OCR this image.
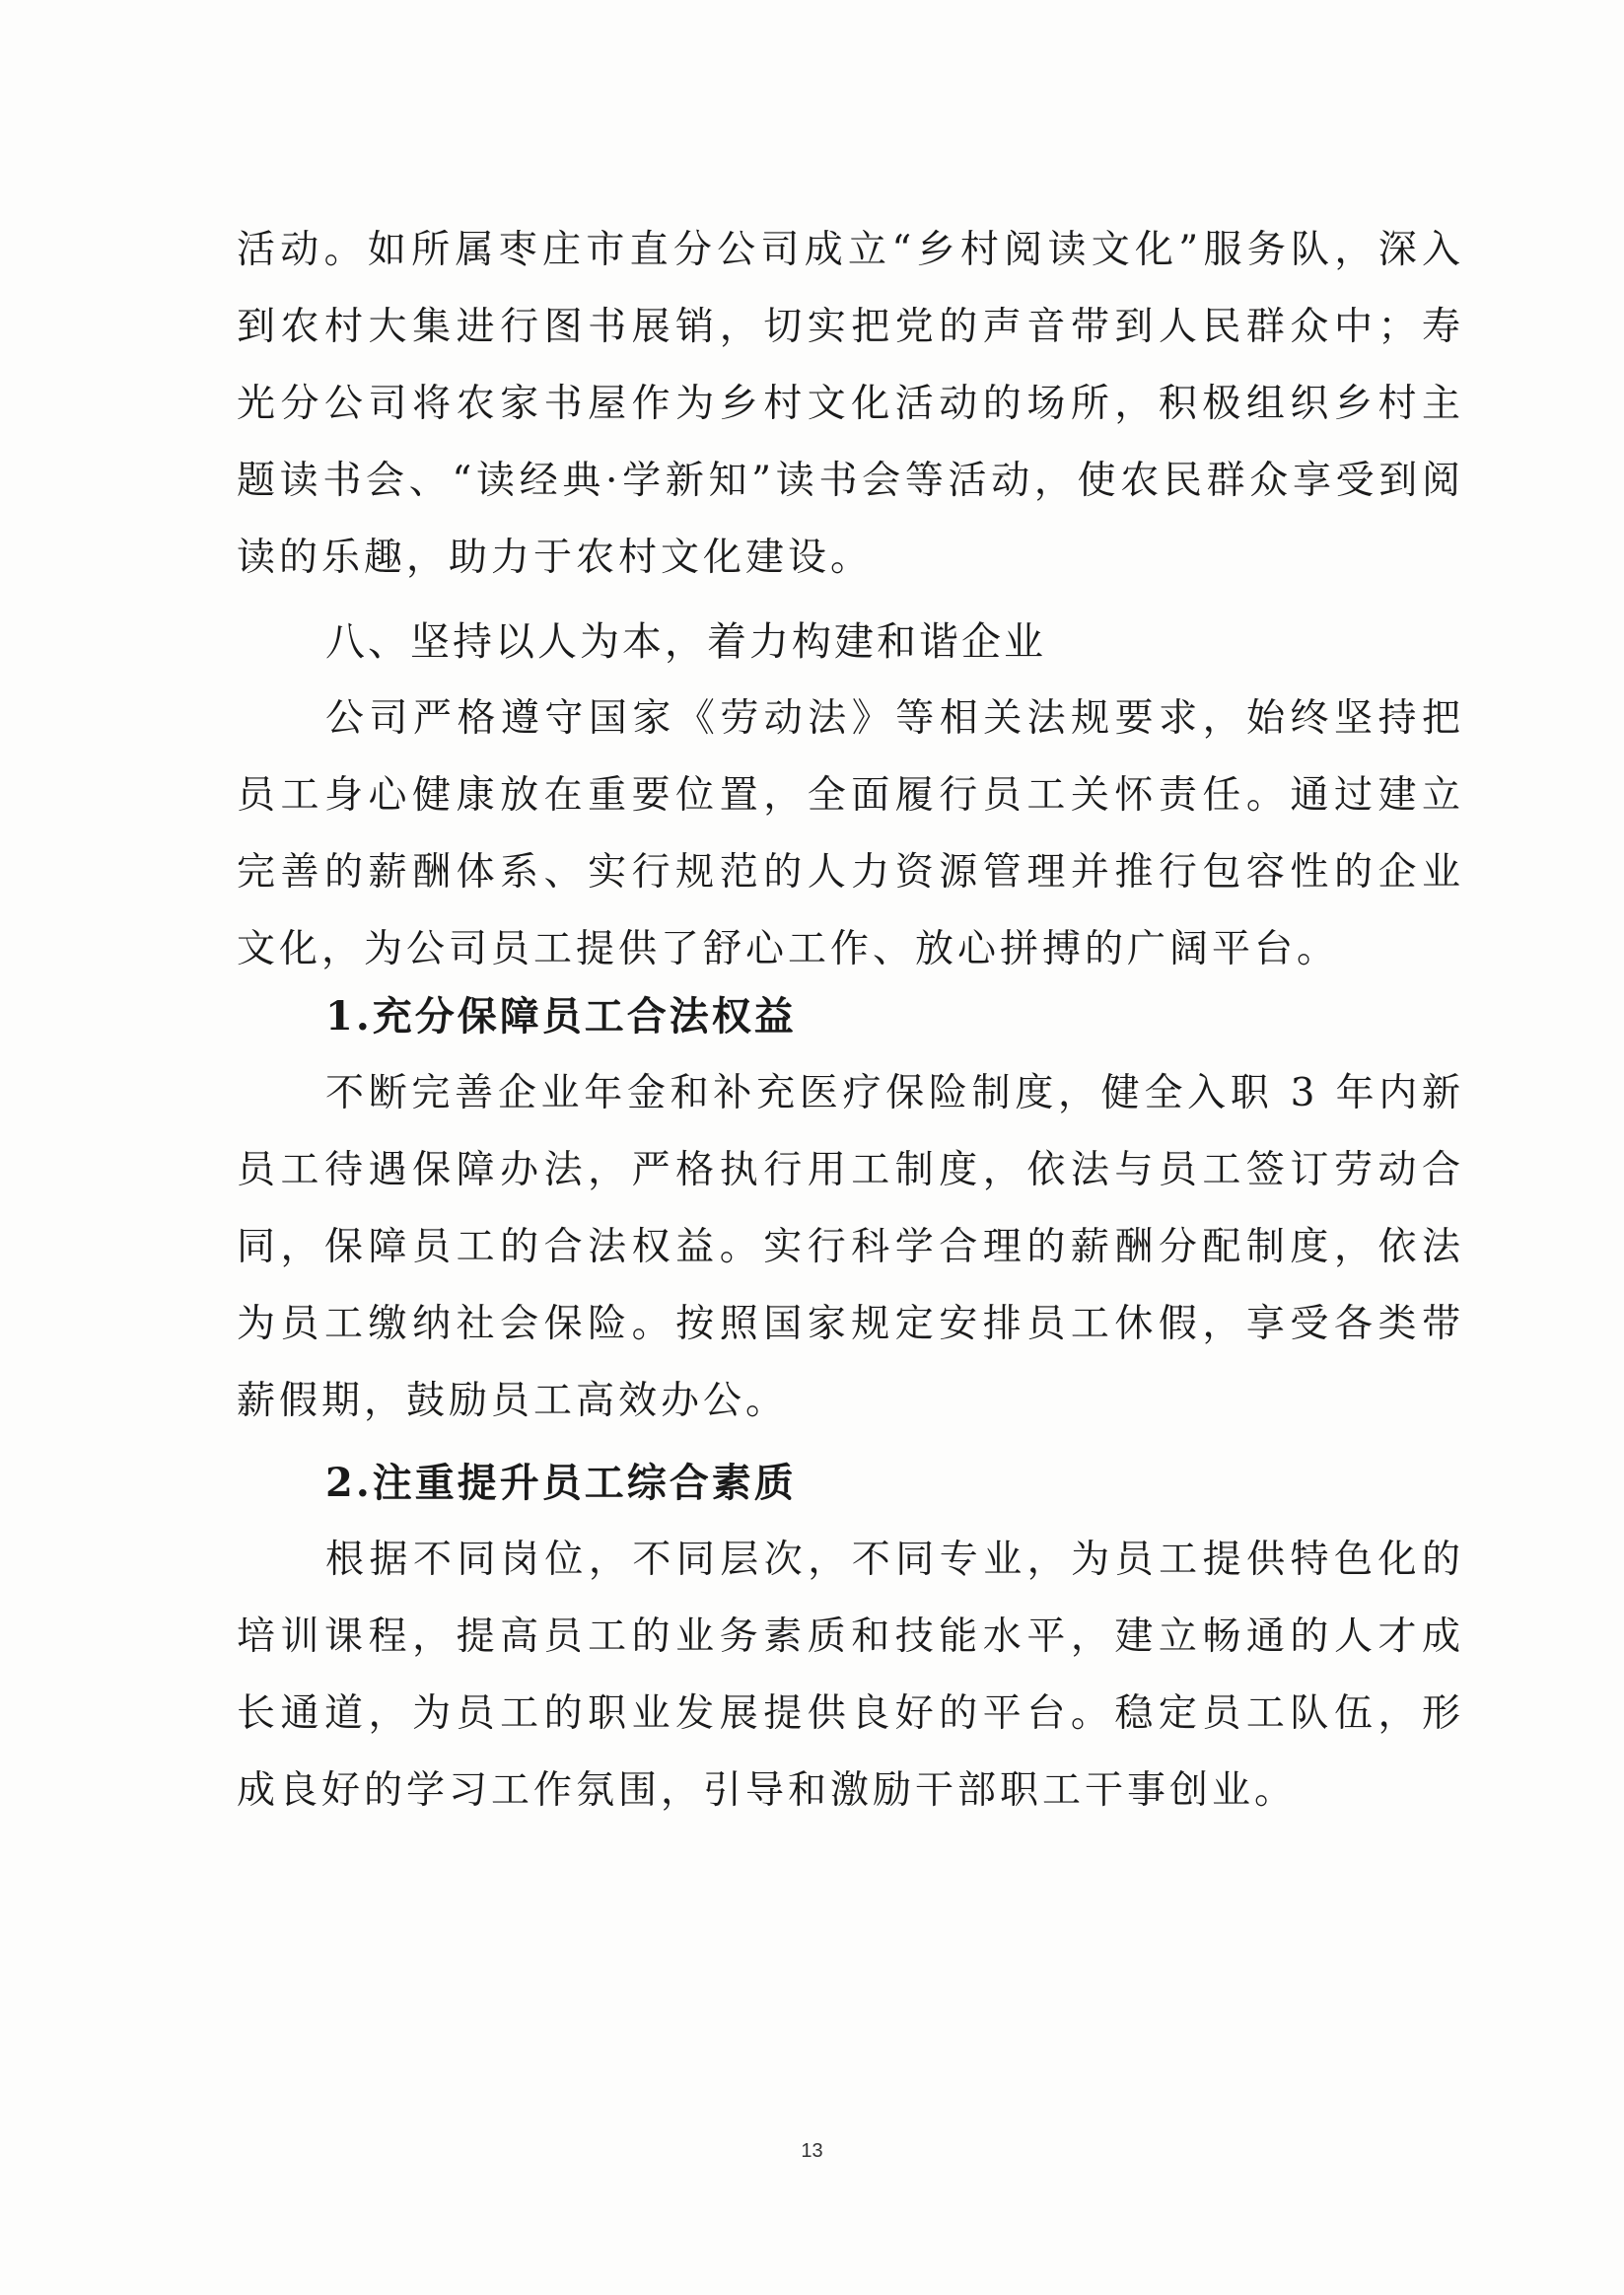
活动。如所属枣庄市直分公司成立“乡村阅读文化”服务队，深入到农村大集进行图书展销，切实把党的声音带到人民群众中；寿光分公司将农家书屋作为乡村文化活动的场所，积极组织乡村主题读书会、“读经典·学新知”读书会等活动，使农民群众享受到阅读的乐趣，助力于农村文化建设。

八、坚持以人为本，着力构建和谐企业

公司严格遵守国家《劳动法》等相关法规要求，始终坚持把员工身心健康放在重要位置，全面履行员工关怀责任。通过建立完善的薪酬体系、实行规范的人力资源管理并推行包容性的企业文化，为公司员工提供了舒心工作、放心拼搏的广阔平台。

1.充分保障员工合法权益

不断完善企业年金和补充医疗保险制度，健全入职 3 年内新员工待遇保障办法，严格执行用工制度，依法与员工签订劳动合同，保障员工的合法权益。实行科学合理的薪酬分配制度，依法为员工缴纳社会保险。按照国家规定安排员工休假，享受各类带薪假期，鼓励员工高效办公。

2.注重提升员工综合素质

根据不同岗位，不同层次，不同专业，为员工提供特色化的培训课程，提高员工的业务素质和技能水平，建立畅通的人才成长通道，为员工的职业发展提供良好的平台。稳定员工队伍，形成良好的学习工作氛围，引导和激励干部职工干事创业。

13
